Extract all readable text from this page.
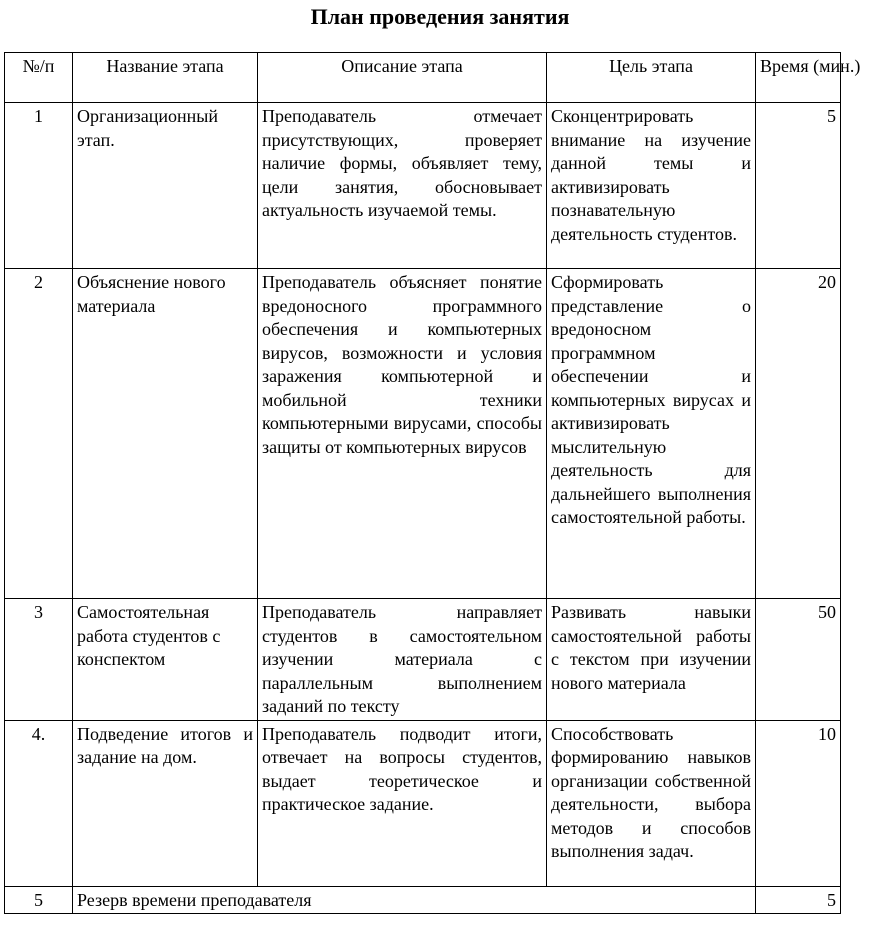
План проведения занятия
№/п	Название этапа	Описание этапа	Цель этапа	Время (мин.)
1	Организационный этап.	Преподаватель отмечает присутствующих, проверяет наличие формы, объявляет тему, цели занятия, обосновывает актуальность изучаемой темы.	Сконцентрировать внимание на изучение данной темы и активизировать познавательную деятельность студентов.	5
2	Объяснение нового материала	Преподаватель объясняет понятие вредоносного программного обеспечения и компьютерных вирусов, возможности и условия заражения компьютерной и мобильной техники компьютерными вирусами, способы защиты от компьютерных вирусов	Сформировать представление о вредоносном программном обеспечении и компьютерных вирусах и активизировать мыслительную деятельность для дальнейшего выполнения самостоятельной работы.	20
3	Самостоятельная работа студентов с конспектом	Преподаватель направляет студентов в самостоятельном изучении материала с параллельным выполнением заданий по тексту	Развивать навыки самостоятельной работы с текстом при изучении нового материала	50
4.	Подведение итогов и задание на дом.	Преподаватель подводит итоги, отвечает на вопросы студентов, выдает теоретическое и практическое задание.	Способствовать формированию навыков организации собственной деятельности, выбора методов и способов выполнения задач.	10
5	Резерв времени преподавателя			5
